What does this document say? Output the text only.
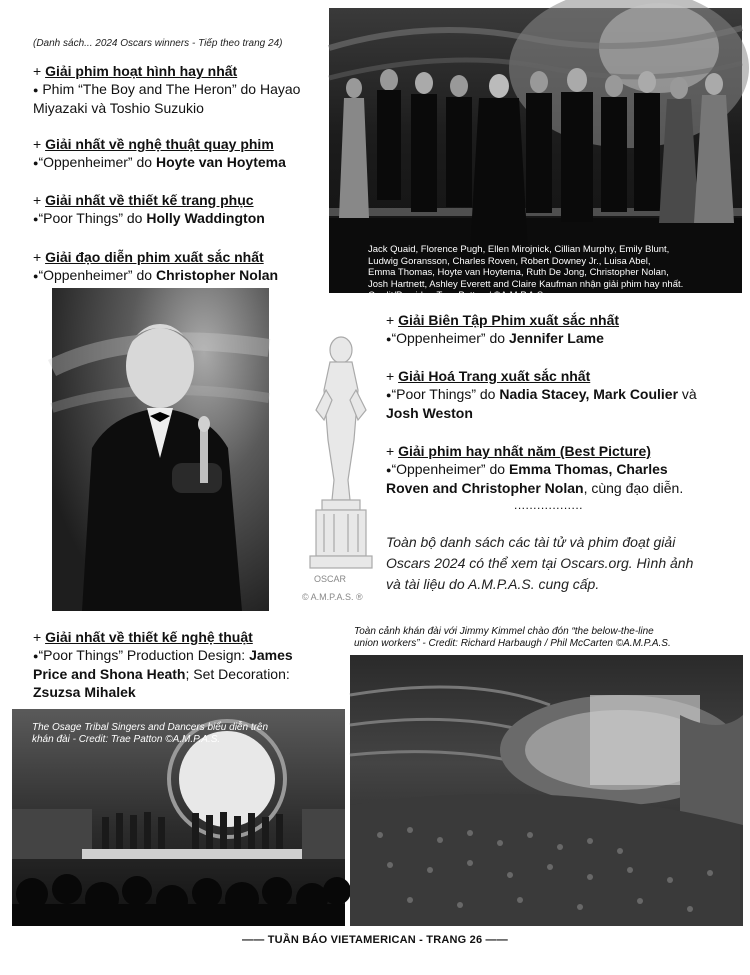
(Danh sách... 2024 Oscars winners - Tiếp theo trang 24)
Jack Quaid, Florence Pugh, Ellen Mirojnick, Cillian Murphy, Emily Blunt,
Ludwig Goransson, Charles Roven, Robert Downey Jr., Luisa Abel,
Emma Thomas, Hoyte van Hoytema, Ruth De Jong, Christopher Nolan,
Josh Hartnett, Ashley Everett and Claire Kaufman nhận giải phim hay nhất.
Credit/Provider: Trae Patton / ©A.M.P.A.S.
+ Giải phim hoạt hình hay nhất
● Phim “The Boy and The Heron” do Hayao
Miyazaki và Toshio Suzukio
+ Giải nhất về nghệ thuật quay phim
●“Oppenheimer” do Hoyte van Hoytema
+ Giải nhất về thiết kế trang phục
●“Poor Things” do Holly Waddington
+ Giải đạo diễn phim xuất sắc nhất
●“Oppenheimer” do Christopher Nolan
OSCAR
© A.M.P.A.S. ®
+ Giải Biên Tập Phim xuất sắc nhất
●“Oppenheimer” do Jennifer Lame
+ Giải Hoá Trang xuất sắc nhất
●“Poor Things” do Nadia Stacey, Mark Coulier và
Josh Weston
+ Giải phim hay nhất năm (Best Picture)
●“Oppenheimer” do Emma Thomas, Charles
Roven and Christopher Nolan, cùng đạo diễn.
..................
Toàn bộ danh sách các tài tử và phim đoạt giải
Oscars 2024 có thể xem tại Oscars.org. Hình ảnh
và tài liệu do A.M.P.A.S. cung cấp.
+ Giải nhất về thiết kế nghệ thuật
●“Poor Things” Production Design: James
Price and Shona Heath; Set Decoration:
Zsuzsa Mihalek
Toàn cảnh khán đài với Jimmy Kimmel chào đón “the below-the-line
union workers” - Credit: Richard Harbaugh / Phil McCarten ©A.M.P.A.S.
The Osage Tribal Singers and Dancers biểu diễn trên
khán đài - Credit: Trae Patton ©A.M.P.A.S.
—— TUẦN BÁO VIETAMERICAN - TRANG 26 ——
